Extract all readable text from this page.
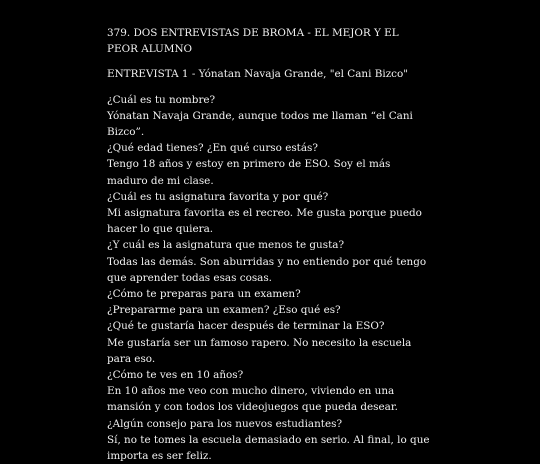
379. DOS ENTREVISTAS DE BROMA - EL MEJOR Y EL PEOR ALUMNO
ENTREVISTA 1 - Yónatan Navaja Grande, "el Cani Bizco"

¿Cuál es tu nombre?

Yónatan Navaja Grande, aunque todos me llaman “el Cani Bizco”.

¿Qué edad tienes? ¿En qué curso estás?

Tengo 18 años y estoy en primero de ESO. Soy el más maduro de mi clase.

¿Cuál es tu asignatura favorita y por qué?

Mi asignatura favorita es el recreo. Me gusta porque puedo hacer lo que quiera.

¿Y cuál es la asignatura que menos te gusta?

Todas las demás. Son aburridas y no entiendo por qué tengo que aprender todas esas cosas.

¿Cómo te preparas para un examen?

¿Prepararme para un examen? ¿Eso qué es?

¿Qué te gustaría hacer después de terminar la ESO?

Me gustaría ser un famoso rapero. No necesito la escuela para eso.

¿Cómo te ves en 10 años?

En 10 años me veo con mucho dinero, viviendo en una mansión y con todos los videojuegos que pueda desear.

¿Algún consejo para los nuevos estudiantes?

Sí, no te tomes la escuela demasiado en serio. Al final, lo que importa es ser feliz.
